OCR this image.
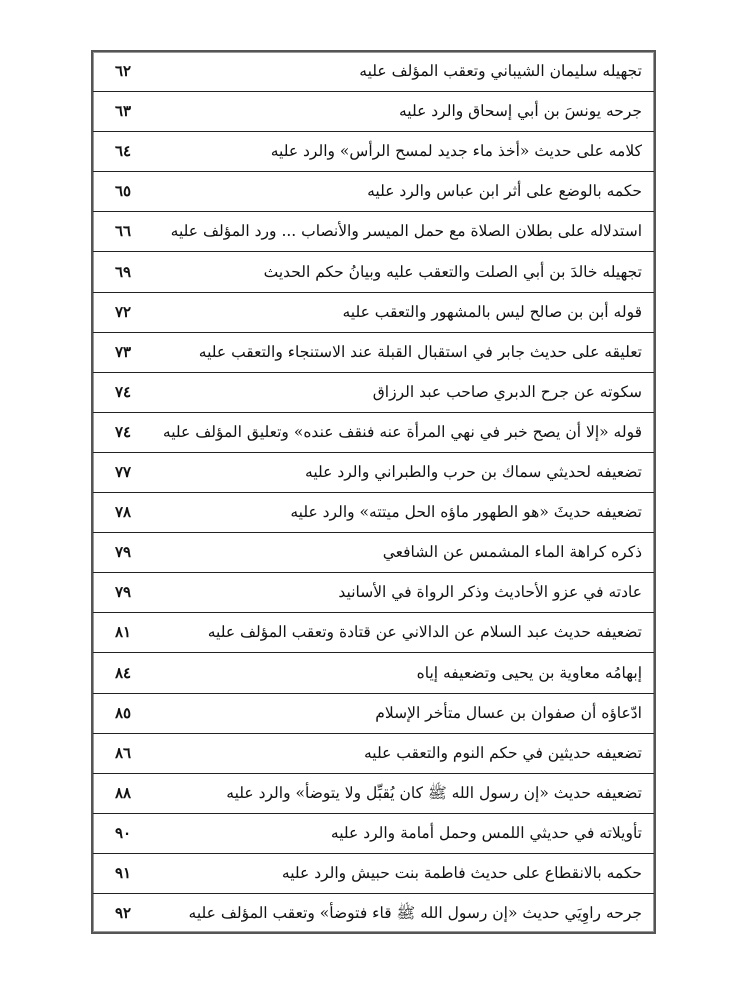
تجهيله سليمان الشيباني وتعقب المؤلف عليه
٦٢
جرحه يونسَ بن أبي إسحاق والرد عليه
٦٣
كلامه على حديث «أخذ ماء جديد لمسح الرأس» والرد عليه
٦٤
حكمه بالوضع على أثر ابن عباس والرد عليه
٦٥
استدلاله على بطلان الصلاة مع حمل الميسر والأنصاب ... ورد المؤلف عليه
٦٦
تجهيله خالدَ بن أبي الصلت والتعقب عليه وبيانُ حكم الحديث
٦٩
قوله أبن بن صالح ليس بالمشهور والتعقب عليه
٧٢
تعليقه على حديث جابر في استقبال القبلة عند الاستنجاء والتعقب عليه
٧٣
سكوته عن جرح الدبري صاحب عبد الرزاق
٧٤
قوله «إلا أن يصح خبر في نهي المرأة عنه فنقف عنده» وتعليق المؤلف عليه
٧٤
تضعيفه لحديثي سماك بن حرب والطبراني والرد عليه
٧٧
تضعيفه حديثَ «هو الطهور ماؤه الحل ميتته» والرد عليه
٧٨
ذكره كراهة الماء المشمس عن الشافعي
٧٩
عادته في عزو الأحاديث وذكر الرواة في الأسانيد
٧٩
تضعيفه حديث عبد السلام عن الدالاني عن قتادة وتعقب المؤلف عليه
٨١
إبهامُه معاوية بن يحيى وتضعيفه إياه
٨٤
ادّعاؤه أن صفوان بن عسال متأخر الإسلام
٨٥
تضعيفه حديثين في حكم النوم والتعقب عليه
٨٦
تضعيفه حديث «إن رسول الله ﷺ كان يُقبِّل ولا يتوضأ» والرد عليه
٨٨
تأويلاته في حديثي اللمس وحمل أمامة والرد عليه
٩٠
حكمه بالانقطاع على حديث فاطمة بنت حبيش والرد عليه
٩١
جرحه راوِيَي حديث «إن رسول الله ﷺ قاء فتوضأ» وتعقب المؤلف عليه
٩٢
